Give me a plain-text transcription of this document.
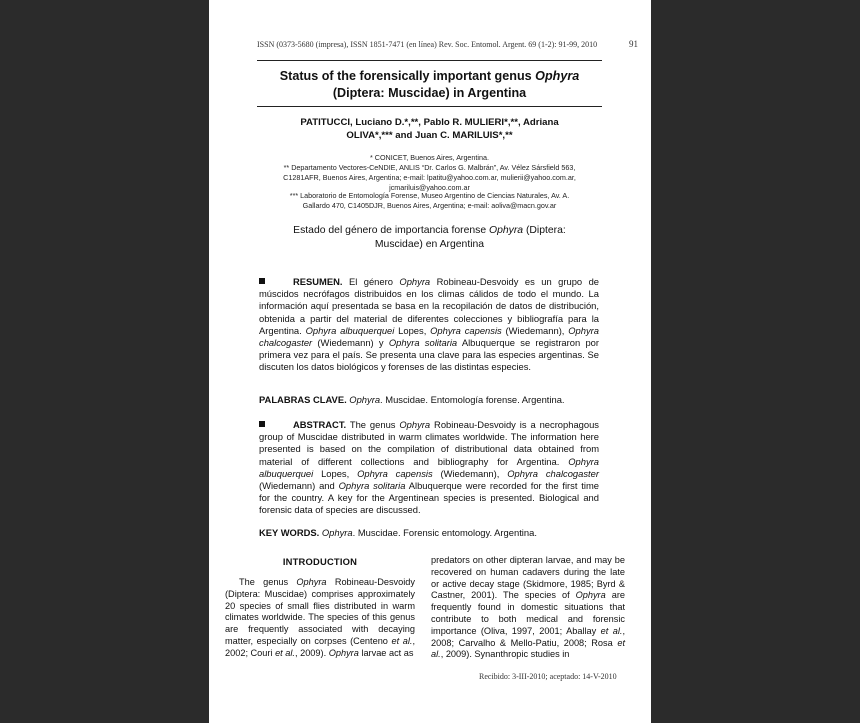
ISSN (0373-5680 (impresa), ISSN 1851-7471 (en línea) Rev. Soc. Entomol. Argent. 69 (1-2): 91-99, 2010	91
Status of the forensically important genus Ophyra
(Diptera: Muscidae) in Argentina
PATITUCCI, Luciano D.*,**, Pablo R. MULIERI*,**, Adriana
OLIVA*,*** and Juan C. MARILUIS*,**
* CONICET, Buenos Aires, Argentina.
** Departamento Vectores-CeNDIE, ANLIS “Dr. Carlos G. Malbrán”, Av. Vélez Sársfield 563,
C1281AFR, Buenos Aires, Argentina; e-mail: lpatitu@yahoo.com.ar, mulierii@yahoo.com.ar,
jcmariluis@yahoo.com.ar
*** Laboratorio de Entomología Forense, Museo Argentino de Ciencias Naturales, Av. A.
Gallardo 470, C1405DJR, Buenos Aires, Argentina; e-mail: aoliva@macn.gov.ar
Estado del género de importancia forense Ophyra (Diptera:
Muscidae) en Argentina
RESUMEN. El género Ophyra Robineau-Desvoidy es un grupo de múscidos necrófagos distribuidos en los climas cálidos de todo el mundo. La información aquí presentada se basa en la recopilación de datos de distribución, obtenida a partir del material de diferentes colecciones y bibliografía para la Argentina. Ophyra albuquerquei Lopes, Ophyra capensis (Wiedemann), Ophyra chalcogaster (Wiedemann) y Ophyra solitaria Albuquerque se registraron por primera vez para el país. Se presenta una clave para las especies argentinas. Se discuten los datos biológicos y forenses de las distintas especies.
PALABRAS CLAVE. Ophyra. Muscidae. Entomología forense. Argentina.
ABSTRACT. The genus Ophyra Robineau-Desvoidy is a necrophagous group of Muscidae distributed in warm climates worldwide. The information here presented is based on the compilation of distributional data obtained from material of different collections and bibliography for Argentina. Ophyra albuquerquei Lopes, Ophyra capensis (Wiedemann), Ophyra chalcogaster (Wiedemann) and Ophyra solitaria Albuquerque were recorded for the first time for the country. A key for the Argentinean species is presented. Biological and forensic data of species are discussed.
KEY WORDS. Ophyra. Muscidae. Forensic entomology. Argentina.
INTRODUCTION
The genus Ophyra Robineau-Desvoidy (Diptera: Muscidae) comprises approximately 20 species of small flies distributed in warm climates worldwide. The species of this genus are frequently associated with decaying matter, especially on corpses (Centeno et al., 2002; Couri et al., 2009). Ophyra larvae act as
predators on other dipteran larvae, and may be recovered on human cadavers during the late or active decay stage (Skidmore, 1985; Byrd & Castner, 2001). The species of Ophyra are frequently found in domestic situations that contribute to both medical and forensic importance (Oliva, 1997, 2001; Aballay et al., 2008; Carvalho & Mello-Patiu, 2008; Rosa et al., 2009). Synanthropic studies in
Recibido: 3-III-2010; aceptado: 14-V-2010
